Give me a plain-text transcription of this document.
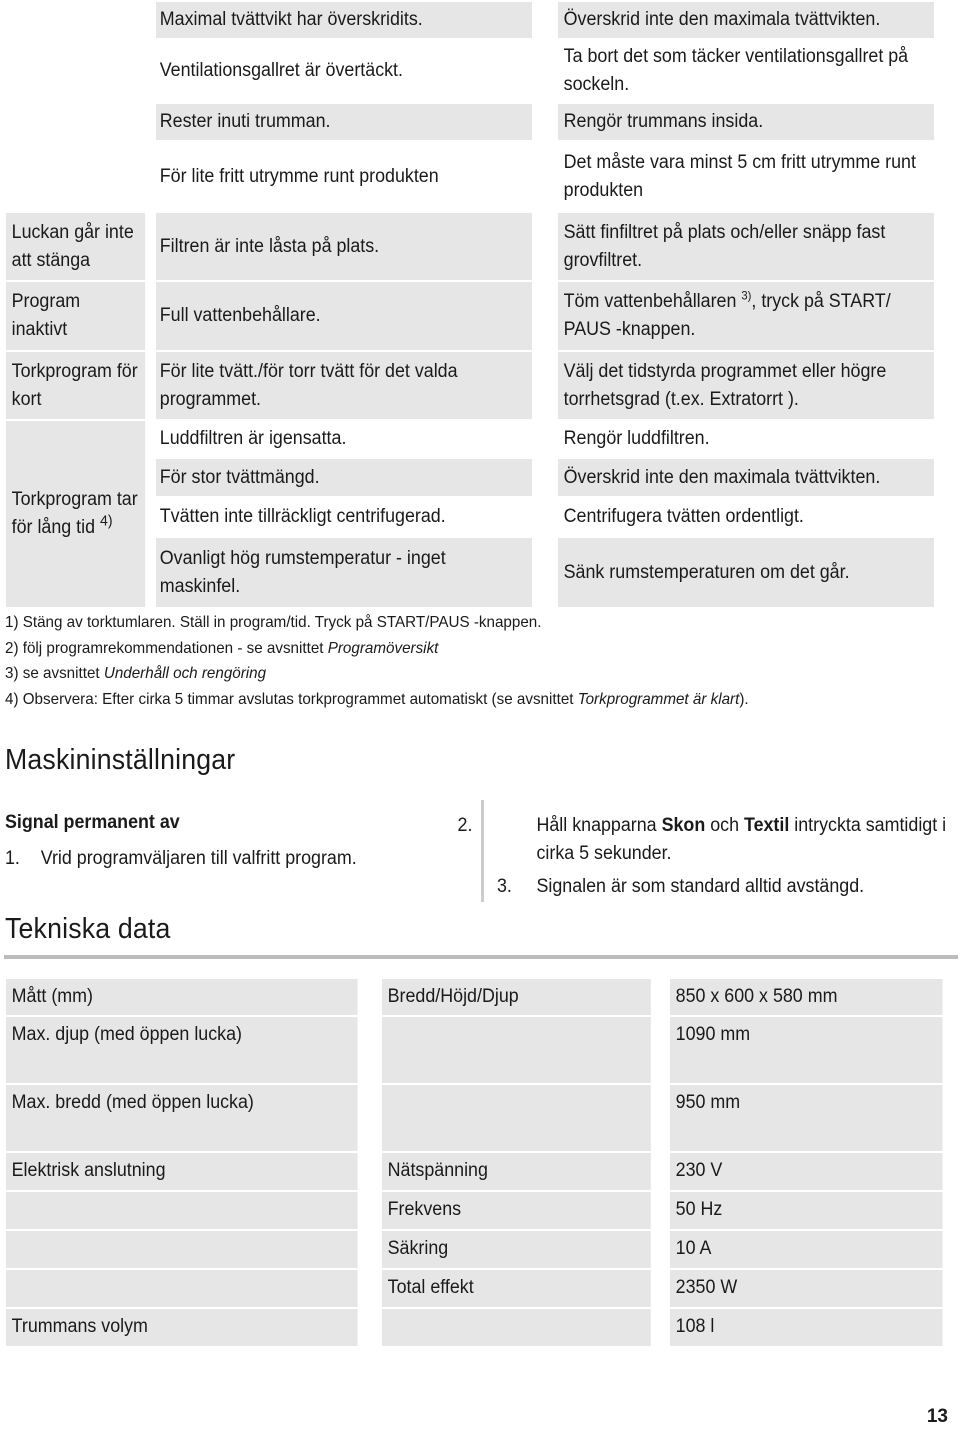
	Maximal tvättvikt har överskridits.	Överskrid inte den maximala tvättvikten.
	Ventilationsgallret är övertäckt.	Ta bort det som täcker ventilationsgallret på sockeln.
	Rester inuti trumman.	Rengör trummans insida.
	För lite fritt utrymme runt produkten	Det måste vara minst 5 cm fritt utrymme runt produkten
Luckan går inte att stänga	Filtren är inte låsta på plats.	Sätt finfiltret på plats och/eller snäpp fast grovfiltret.
Program inaktivt	Full vattenbehållare.	Töm vattenbehållaren $^{3)}$, tryck på START/ PAUS -knappen.
Torkprogram för kort	För lite tvätt./för torr tvätt för det valda programmet.	Välj det tidstyrda programmet eller högre torrhetsgrad (t.ex. Extratorrt ).
Torkprogram tar för lång tid $^{4)}$	Luddfiltren är igensatta.	Rengör luddfiltren.
	För stor tvättmängd.	Överskrid inte den maximala tvättvikten.
	Tvätten inte tillräckligt centrifugerad.	Centrifugera tvätten ordentligt.
	Ovanligt hög rumstemperatur - inget maskinfel.	Sänk rumstemperaturen om det går.
1) Stäng av torktumlaren. Ställ in program/tid. Tryck på START/PAUS -knappen.
2) följ programrekommendationen - se avsnittet Programöversikt
3) se avsnittet Underhåll och rengöring
4) Observera: Efter cirka 5 timmar avslutas torkprogrammet automatiskt (se avsnittet Torkprogrammet är klart).
Maskininställningar
Signal permanent av
1. Vrid programväljaren till valfritt program.
2.	Håll knapparna Skon och Textil intryckta samtidigt i cirka 5 sekunder.
3. Signalen är som standard alltid avstängd.
Tekniska data
Mått (mm)	Bredd/Höjd/Djup	850 x 600 x 580 mm
Max. djup (med öppen lucka)		1090 mm
Max. bredd (med öppen lucka)		950 mm
Elektrisk anslutning	Nätspänning	230 V
	Frekvens	50 Hz
	Säkring	10 A
	Total effekt	2350 W
Trummans volym		108 l
13
